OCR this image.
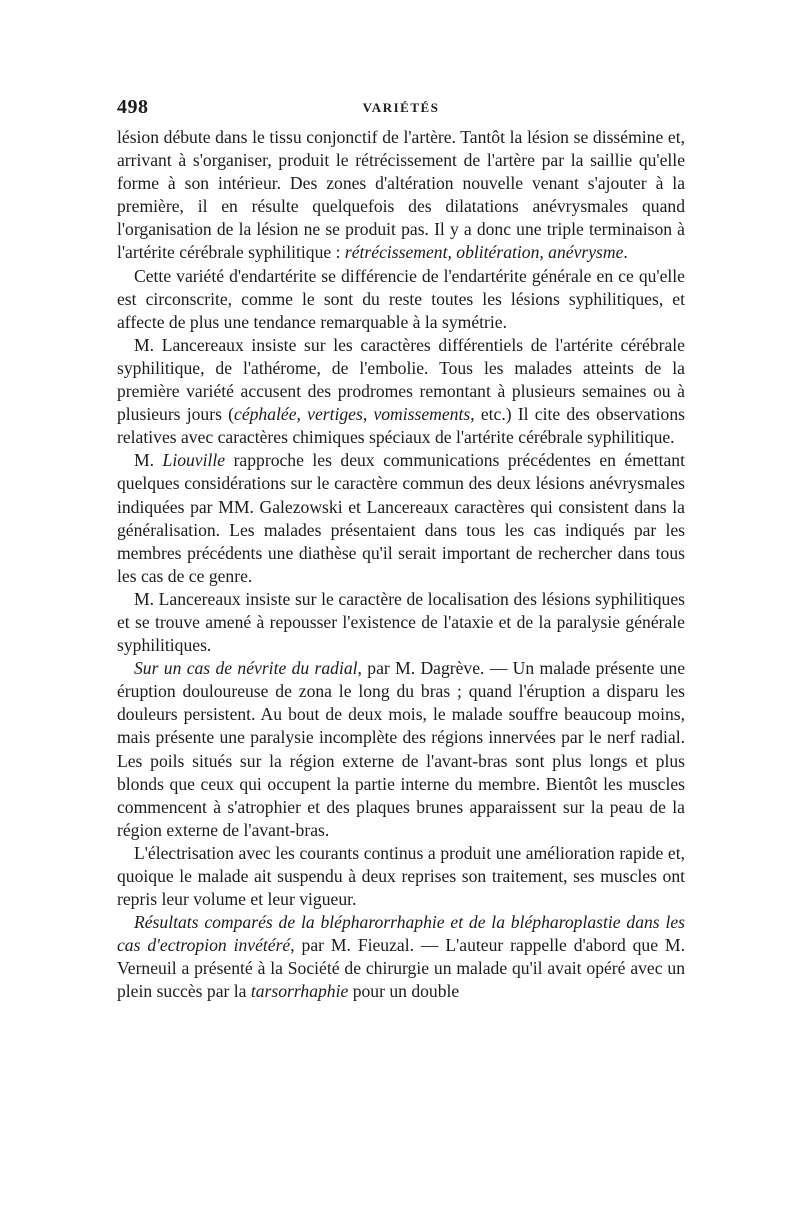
498	VARIÉTÉS

lésion débute dans le tissu conjonctif de l'artère. Tantôt la lésion se dissémine et, arrivant à s'organiser, produit le rétrécissement de l'artère par la saillie qu'elle forme à son intérieur. Des zones d'altération nouvelle venant s'ajouter à la première, il en résulte quelquefois des dilatations anévrysmales quand l'organisation de la lésion ne se produit pas. Il y a donc une triple terminaison à l'artérite cérébrale syphilitique : rétrécissement, oblitération, anévrysme.

Cette variété d'endartérite se différencie de l'endartérite générale en ce qu'elle est circonscrite, comme le sont du reste toutes les lésions syphilitiques, et affecte de plus une tendance remarquable à la symétrie.

M. Lancereaux insiste sur les caractères différentiels de l'artérite cérébrale syphilitique, de l'athérome, de l'embolie. Tous les malades atteints de la première variété accusent des prodromes remontant à plusieurs semaines ou à plusieurs jours (céphalée, vertiges, vomissements, etc.) Il cite des observations relatives avec caractères chimiques spéciaux de l'artérite cérébrale syphilitique.

M. Liouville rapproche les deux communications précédentes en émettant quelques considérations sur le caractère commun des deux lésions anévrysmales indiquées par MM. Galezowski et Lancereaux caractères qui consistent dans la généralisation. Les malades présentaient dans tous les cas indiqués par les membres précédents une diathèse qu'il serait important de rechercher dans tous les cas de ce genre.

M. Lancereaux insiste sur le caractère de localisation des lésions syphilitiques et se trouve amené à repousser l'existence de l'ataxie et de la paralysie générale syphilitiques.

Sur un cas de névrite du radial, par M. Dagrève. — Un malade présente une éruption douloureuse de zona le long du bras ; quand l'éruption a disparu les douleurs persistent. Au bout de deux mois, le malade souffre beaucoup moins, mais présente une paralysie incomplète des régions innervées par le nerf radial. Les poils situés sur la région externe de l'avant-bras sont plus longs et plus blonds que ceux qui occupent la partie interne du membre. Bientôt les muscles commencent à s'atrophier et des plaques brunes apparaissent sur la peau de la région externe de l'avant-bras.

L'électrisation avec les courants continus a produit une amélioration rapide et, quoique le malade ait suspendu à deux reprises son traitement, ses muscles ont repris leur volume et leur vigueur.

Résultats comparés de la blépharorrhaphie et de la blépharoplastie dans les cas d'ectropion invétéré, par M. Fieuzal. — L'auteur rappelle d'abord que M. Verneuil a présenté à la Société de chirurgie un malade qu'il avait opéré avec un plein succès par la tarsorrhaphie pour un double
